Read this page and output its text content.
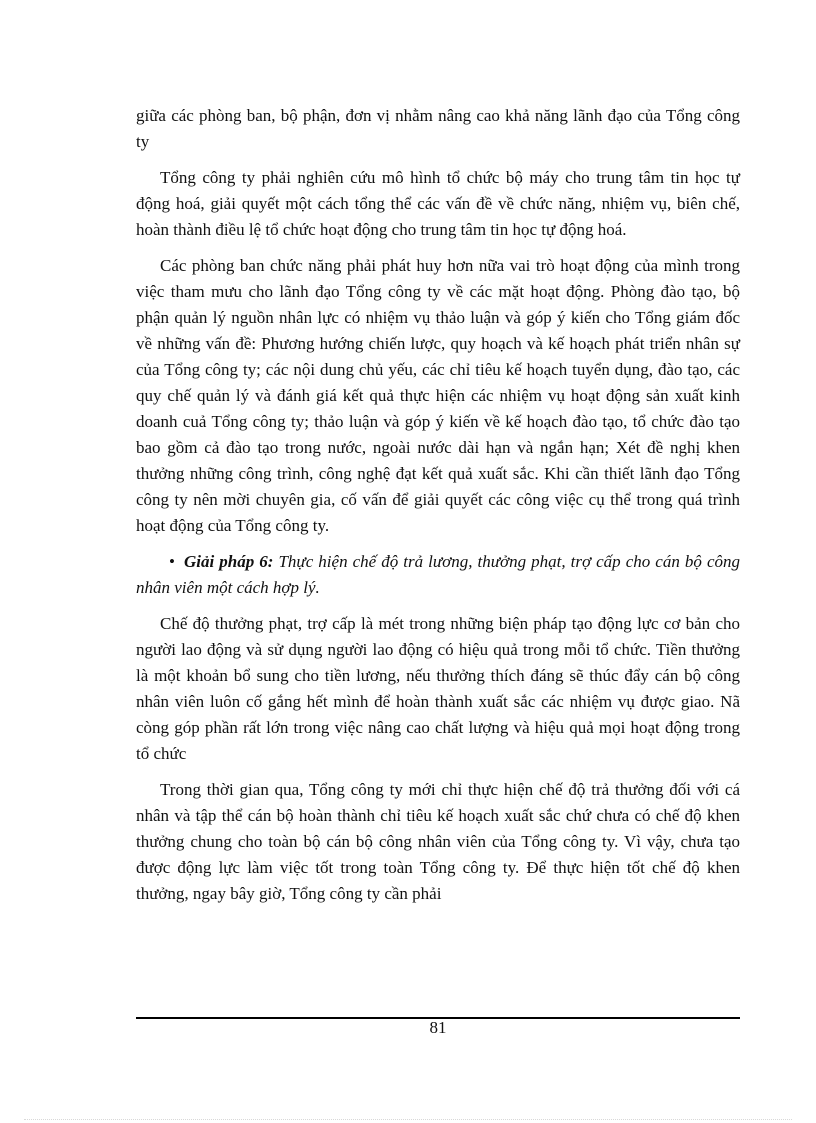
giữa các phòng ban, bộ phận, đơn vị nhằm nâng cao khả năng lãnh đạo của Tổng công ty

Tổng công ty phải nghiên cứu mô hình tổ chức bộ máy cho trung tâm tin học tự động hoá, giải quyết một cách tổng thể các vấn đề về chức năng, nhiệm vụ, biên chế, hoàn thành điều lệ tổ chức hoạt động cho trung tâm tin học tự động hoá.

Các phòng ban chức năng phải phát huy hơn nữa vai trò hoạt động của mình trong việc tham mưu cho lãnh đạo Tổng công ty về các mặt hoạt động. Phòng đào tạo, bộ phận quản lý nguồn nhân lực có nhiệm vụ thảo luận và góp ý kiến cho Tổng giám đốc về những vấn đề: Phương hướng chiến lược, quy hoạch và kế hoạch phát triển nhân sự của Tổng công ty; các nội dung chủ yếu, các chỉ tiêu kế hoạch tuyển dụng, đào tạo, các quy chế quản lý và đánh giá kết quả thực hiện các nhiệm vụ hoạt động sản xuất kinh doanh cuả Tổng công ty; thảo luận và góp ý kiến về kế hoạch đào tạo, tổ chức đào tạo bao gồm cả đào tạo trong nước, ngoài nước dài hạn và ngắn hạn; Xét đề nghị khen thưởng những công trình, công nghệ đạt kết quả xuất sắc. Khi cần thiết lãnh đạo Tổng công ty nên mời chuyên gia, cố vấn để giải quyết các công việc cụ thể trong quá trình hoạt động của Tổng công ty.

• Giải pháp 6: Thực hiện chế độ trả lương, thưởng phạt, trợ cấp cho cán bộ công nhân viên một cách hợp lý.

Chế độ thưởng phạt, trợ cấp là mét trong những biện pháp tạo động lực cơ bản cho người lao động và sử dụng người lao động có hiệu quả trong mỗi tổ chức. Tiền thưởng là một khoản bổ sung cho tiền lương, nếu thưởng thích đáng sẽ thúc đẩy cán bộ công nhân viên luôn cố gắng hết mình để hoàn thành xuất sắc các nhiệm vụ được giao. Nã còng góp phần rất lớn trong việc nâng cao chất lượng và hiệu quả mọi hoạt động trong tổ chức

Trong thời gian qua, Tổng công ty mới chỉ thực hiện chế độ trả thưởng đối với cá nhân và tập thể cán bộ hoàn thành chỉ tiêu kế hoạch xuất sắc chứ chưa có chế độ khen thưởng chung cho toàn bộ cán bộ công nhân viên của Tổng công ty. Vì vậy, chưa tạo được động lực làm việc tốt trong toàn Tổng công ty. Để thực hiện tốt chế độ khen thưởng, ngay bây giờ, Tổng công ty cần phải

81
